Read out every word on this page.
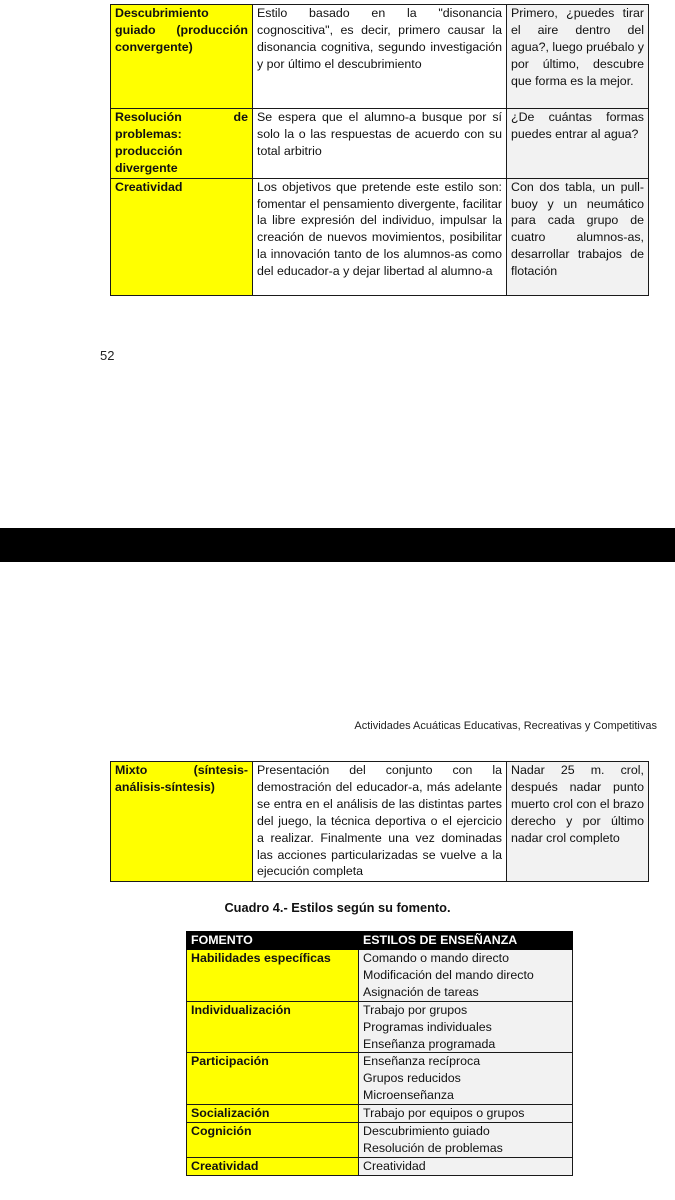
Descubrimiento guiado (producción convergente)	Estilo basado en la "disonancia cognoscitiva", es decir, primero causar la disonancia cognitiva, segundo investigación y por último el descubrimiento	Primero, ¿puedes tirar el aire dentro del agua?, luego pruébalo y por último, descubre que forma es la mejor.
Resolución de problemas: producción divergente	Se espera que el alumno-a busque por sí solo la o las respuestas de acuerdo con su total arbitrio	¿De cuántas formas puedes entrar al agua?
Creatividad	Los objetivos que pretende este estilo son: fomentar el pensamiento divergente, facilitar la libre expresión del individuo, impulsar la creación de nuevos movimientos, posibilitar la innovación tanto de los alumnos-as como del educador-a y dejar libertad al alumno-a	Con dos tabla, un pull-buoy y un neumático para cada grupo de cuatro alumnos-as, desarrollar trabajos de flotación
52
Actividades Acuáticas Educativas, Recreativas y Competitivas
Mixto (síntesis-análisis-síntesis)	Presentación del conjunto con la demostración del educador-a, más adelante se entra en el análisis de las distintas partes del juego, la técnica deportiva o el ejercicio a realizar. Finalmente una vez dominadas las acciones particularizadas se vuelve a la ejecución completa	Nadar 25 m. crol, después nadar punto muerto crol con el brazo derecho y por último nadar crol completo
Cuadro 4.- Estilos según su fomento.
FOMENTO	ESTILOS DE ENSEÑANZA
Habilidades específicas	Comando o mando directo
Modificación del mando directo
Asignación de tareas

Individualización	Trabajo por grupos
Programas individuales
Enseñanza programada

Participación	Enseñanza recíproca
Grupos reducidos
Microenseñanza

Socialización	Trabajo por equipos o grupos

Cognición	Descubrimiento guiado
Resolución de problemas

Creatividad	Creatividad
